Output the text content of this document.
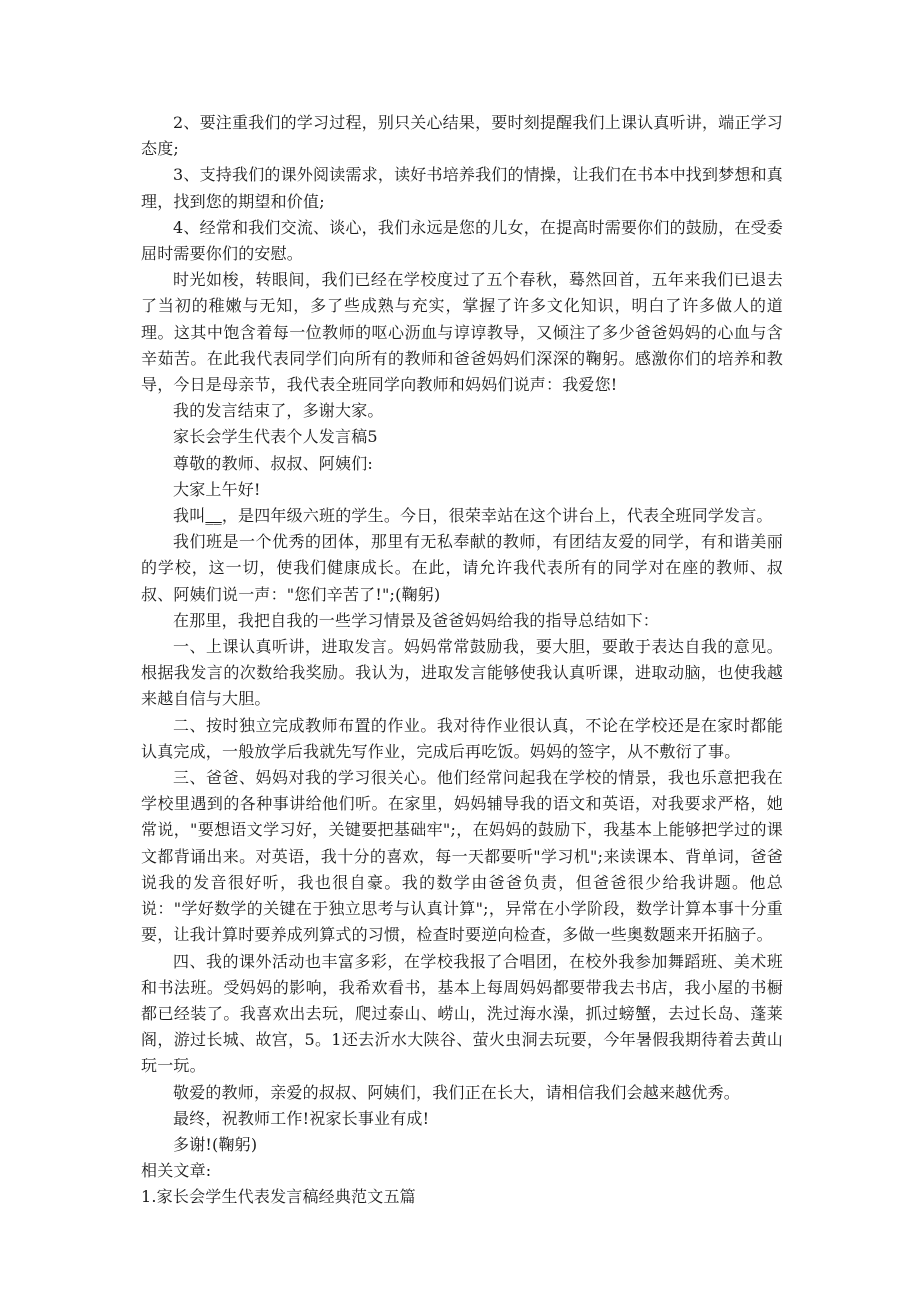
2、要注重我们的学习过程，别只关心结果，要时刻提醒我们上课认真听讲，端正学习态度;

3、支持我们的课外阅读需求，读好书培养我们的情操，让我们在书本中找到梦想和真理，找到您的期望和价值;

4、经常和我们交流、谈心，我们永远是您的儿女，在提高时需要你们的鼓励，在受委屈时需要你们的安慰。

时光如梭，转眼间，我们已经在学校度过了五个春秋，蓦然回首，五年来我们已退去了当初的稚嫩与无知，多了些成熟与充实，掌握了许多文化知识，明白了许多做人的道理。这其中饱含着每一位教师的呕心沥血与谆谆教导，又倾注了多少爸爸妈妈的心血与含辛茹苦。在此我代表同学们向所有的教师和爸爸妈妈们深深的鞠躬。感激你们的培养和教导，今日是母亲节，我代表全班同学向教师和妈妈们说声：我爱您!

我的发言结束了，多谢大家。

家长会学生代表个人发言稿5

尊敬的教师、叔叔、阿姨们:

大家上午好!

我叫__，是四年级六班的学生。今日，很荣幸站在这个讲台上，代表全班同学发言。

我们班是一个优秀的团体，那里有无私奉献的教师，有团结友爱的同学，有和谐美丽的学校，这一切，使我们健康成长。在此，请允许我代表所有的同学对在座的教师、叔叔、阿姨们说一声："您们辛苦了!";(鞠躬)

在那里，我把自我的一些学习情景及爸爸妈妈给我的指导总结如下：

一、上课认真听讲，进取发言。妈妈常常鼓励我，要大胆，要敢于表达自我的意见。根据我发言的次数给我奖励。我认为，进取发言能够使我认真听课，进取动脑，也使我越来越自信与大胆。

二、按时独立完成教师布置的作业。我对待作业很认真，不论在学校还是在家时都能认真完成，一般放学后我就先写作业，完成后再吃饭。妈妈的签字，从不敷衍了事。

三、爸爸、妈妈对我的学习很关心。他们经常问起我在学校的情景，我也乐意把我在学校里遇到的各种事讲给他们听。在家里，妈妈辅导我的语文和英语，对我要求严格，她常说，"要想语文学习好，关键要把基础牢";，在妈妈的鼓励下，我基本上能够把学过的课文都背诵出来。对英语，我十分的喜欢，每一天都要听"学习机";来读课本、背单词，爸爸说我的发音很好听，我也很自豪。我的数学由爸爸负责，但爸爸很少给我讲题。他总说："学好数学的关键在于独立思考与认真计算";，异常在小学阶段，数学计算本事十分重要，让我计算时要养成列算式的习惯，检查时要逆向检查，多做一些奥数题来开拓脑子。

四、我的课外活动也丰富多彩，在学校我报了合唱团，在校外我参加舞蹈班、美术班和书法班。受妈妈的影响，我希欢看书，基本上每周妈妈都要带我去书店，我小屋的书橱都已经装了。我喜欢出去玩，爬过泰山、崂山，洗过海水澡，抓过螃蟹，去过长岛、蓬莱阁，游过长城、故宫，5。1还去沂水大陕谷、萤火虫洞去玩要，今年暑假我期待着去黄山玩一玩。

敬爱的教师，亲爱的叔叔、阿姨们，我们正在长大，请相信我们会越来越优秀。

最终，祝教师工作!祝家长事业有成!

多谢!(鞠躬)

相关文章:

1.家长会学生代表发言稿经典范文五篇
